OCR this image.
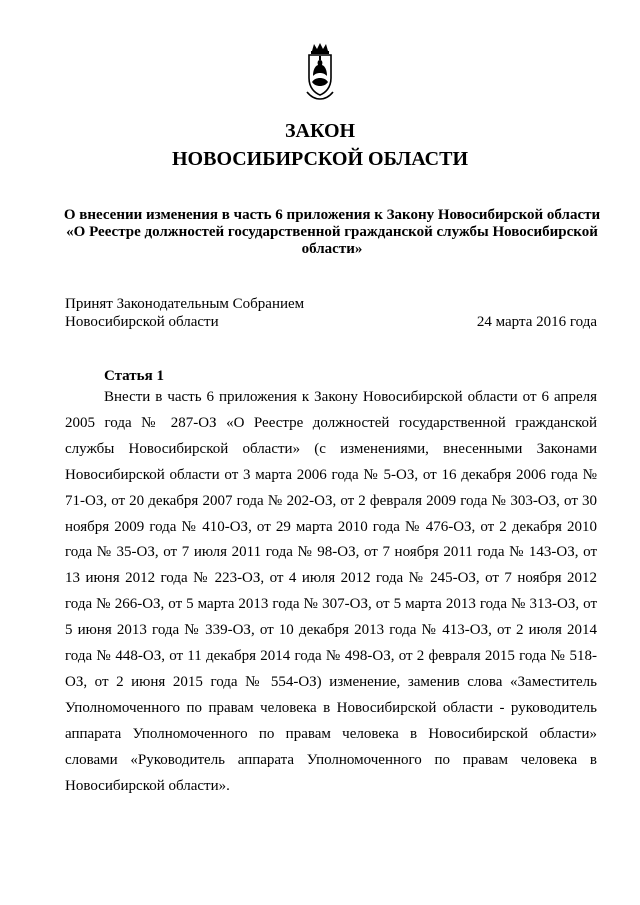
ЗАКОН
НОВОСИБИРСКОЙ ОБЛАСТИ
О внесении изменения в часть 6 приложения к Закону Новосибирской области «О Реестре должностей государственной гражданской службы Новосибирской области»
Принят Законодательным Собранием
Новосибирской области	24 марта 2016 года
Статья 1

Внести в часть 6 приложения к Закону Новосибирской области от 6 апреля 2005 года № 287-ОЗ «О Реестре должностей государственной гражданской службы Новосибирской области» (с изменениями, внесенными Законами Новосибирской области от 3 марта 2006 года № 5-ОЗ, от 16 декабря 2006 года № 71-ОЗ, от 20 декабря 2007 года № 202-ОЗ, от 2 февраля 2009 года № 303-ОЗ, от 30 ноября 2009 года № 410-ОЗ, от 29 марта 2010 года № 476-ОЗ, от 2 декабря 2010 года № 35-ОЗ, от 7 июля 2011 года № 98-ОЗ, от 7 ноября 2011 года № 143-ОЗ, от 13 июня 2012 года № 223-ОЗ, от 4 июля 2012 года № 245-ОЗ, от 7 ноября 2012 года № 266-ОЗ, от 5 марта 2013 года № 307-ОЗ, от 5 марта 2013 года № 313-ОЗ, от 5 июня 2013 года № 339-ОЗ, от 10 декабря 2013 года № 413-ОЗ, от 2 июля 2014 года № 448-ОЗ, от 11 декабря 2014 года № 498-ОЗ, от 2 февраля 2015 года № 518-ОЗ, от 2 июня 2015 года № 554-ОЗ) изменение, заменив слова «Заместитель Уполномоченного по правам человека в Новосибирской области - руководитель аппарата Уполномоченного по правам человека в Новосибирской области» словами «Руководитель аппарата Уполномоченного по правам человека в Новосибирской области».
